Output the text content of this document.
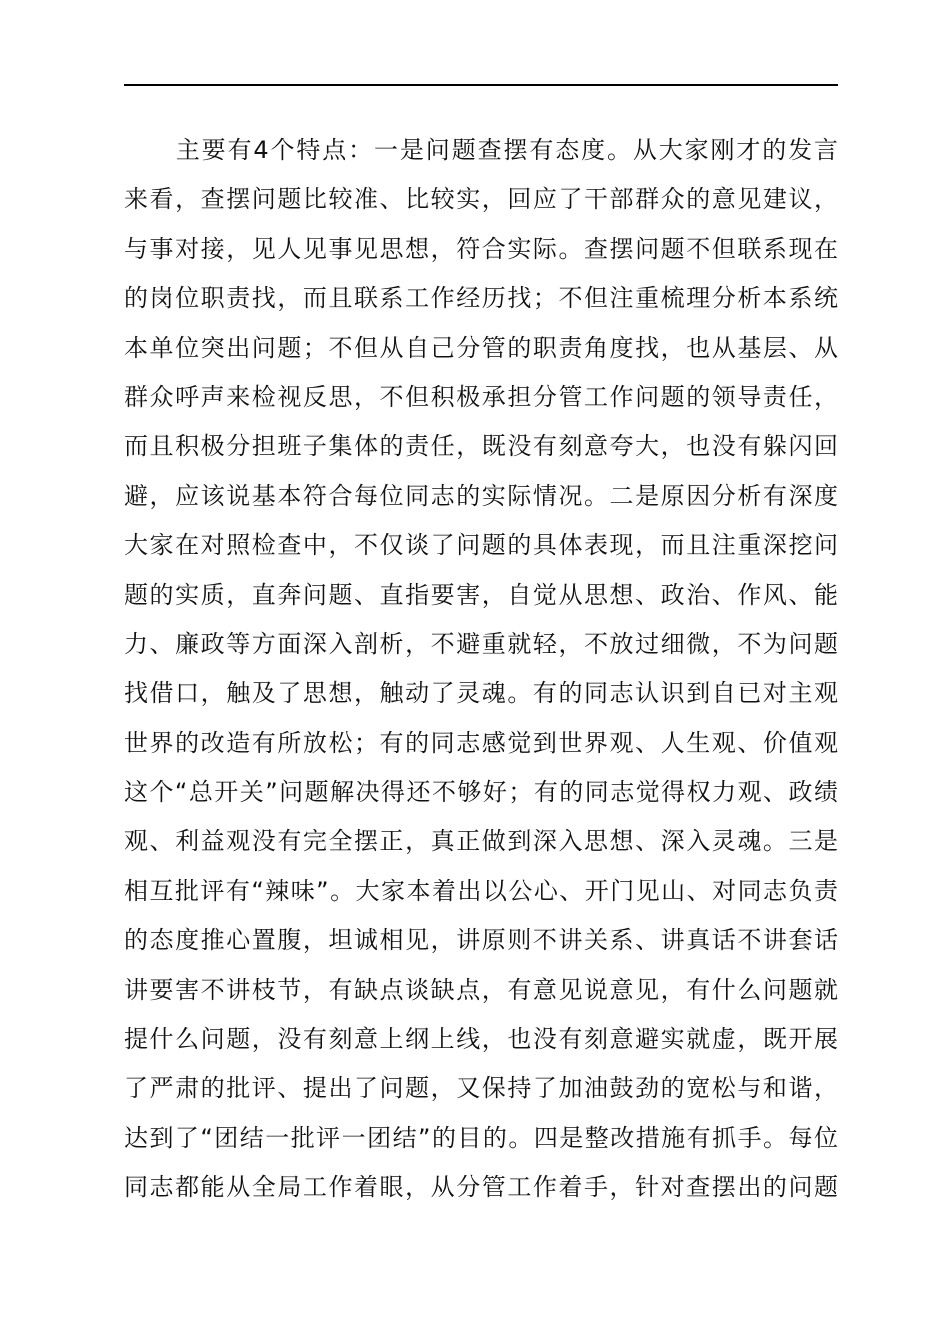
　　主要有4个特点：一是问题查摆有态度。从大家刚才的发言
来看，查摆问题比较准、比较实，回应了干部群众的意见建议，
与事对接，见人见事见思想，符合实际。查摆问题不但联系现在
的岗位职责找，而且联系工作经历找；不但注重梳理分析本系统
本单位突出问题；不但从自己分管的职责角度找，也从基层、从
群众呼声来检视反思，不但积极承担分管工作问题的领导责任，
而且积极分担班子集体的责任，既没有刻意夸大，也没有躲闪回
避，应该说基本符合每位同志的实际情况。二是原因分析有深度
大家在对照检查中，不仅谈了问题的具体表现，而且注重深挖问
题的实质，直奔问题、直指要害，自觉从思想、政治、作风、能
力、廉政等方面深入剖析，不避重就轻，不放过细微，不为问题
找借口，触及了思想，触动了灵魂。有的同志认识到自已对主观
世界的改造有所放松；有的同志感觉到世界观、人生观、价值观
这个“总开关”问题解决得还不够好；有的同志觉得权力观、政绩
观、利益观没有完全摆正，真正做到深入思想、深入灵魂。三是
相互批评有“辣味”。大家本着出以公心、开门见山、对同志负责
的态度推心置腹，坦诚相见，讲原则不讲关系、讲真话不讲套话
讲要害不讲枝节，有缺点谈缺点，有意见说意见，有什么问题就
提什么问题，没有刻意上纲上线，也没有刻意避实就虚，既开展
了严肃的批评、提出了问题，又保持了加油鼓劲的宽松与和谐，
达到了“团结一批评一团结”的目的。四是整改措施有抓手。每位
同志都能从全局工作着眼，从分管工作着手，针对查摆出的问题
